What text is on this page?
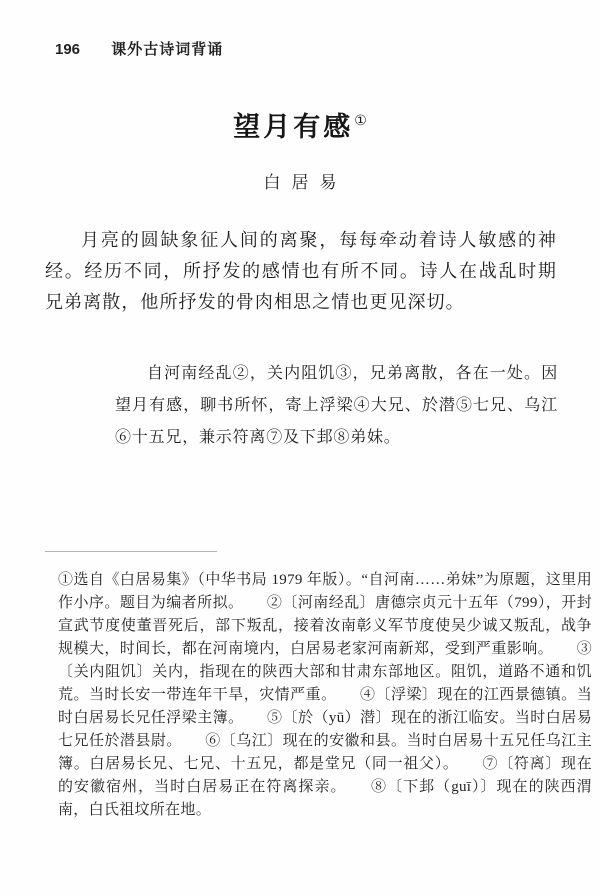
196 课外古诗词背诵
望月有感①
白居易

月亮的圆缺象征人间的离聚，每每牵动着诗人敏感的神经。经历不同，所抒发的感情也有所不同。诗人在战乱时期兄弟离散，他所抒发的骨肉相思之情也更见深切。

自河南经乱②，关内阻饥③，兄弟离散，各在一处。因望月有感，聊书所怀，寄上浮梁④大兄、於潜⑤七兄、乌江⑥十五兄，兼示符离⑦及下邽⑧弟妹。

①选自《白居易集》（中华书局 1979 年版）。“自河南……弟妹”为原题，这里用作小序。题目为编者所拟。　　②〔河南经乱〕唐德宗贞元十五年（799），开封宣武节度使董晋死后，部下叛乱，接着汝南彰义军节度使吴少诚又叛乱，战争规模大，时间长，都在河南境内，白居易老家河南新郑，受到严重影响。　　③〔关内阻饥〕关内，指现在的陕西大部和甘肃东部地区。阻饥，道路不通和饥荒。当时长安一带连年干旱，灾情严重。　　④〔浮梁〕现在的江西景德镇。当时白居易长兄任浮梁主簿。　　⑤〔於（yū）潜〕现在的浙江临安。当时白居易七兄任於潜县尉。　　⑥〔乌江〕现在的安徽和县。当时白居易十五兄任乌江主簿。白居易长兄、七兄、十五兄，都是堂兄（同一祖父）。　　⑦〔符离〕现在的安徽宿州，当时白居易正在符离探亲。　　⑧〔下邽（guī）〕现在的陕西渭南，白氏祖坟所在地。
